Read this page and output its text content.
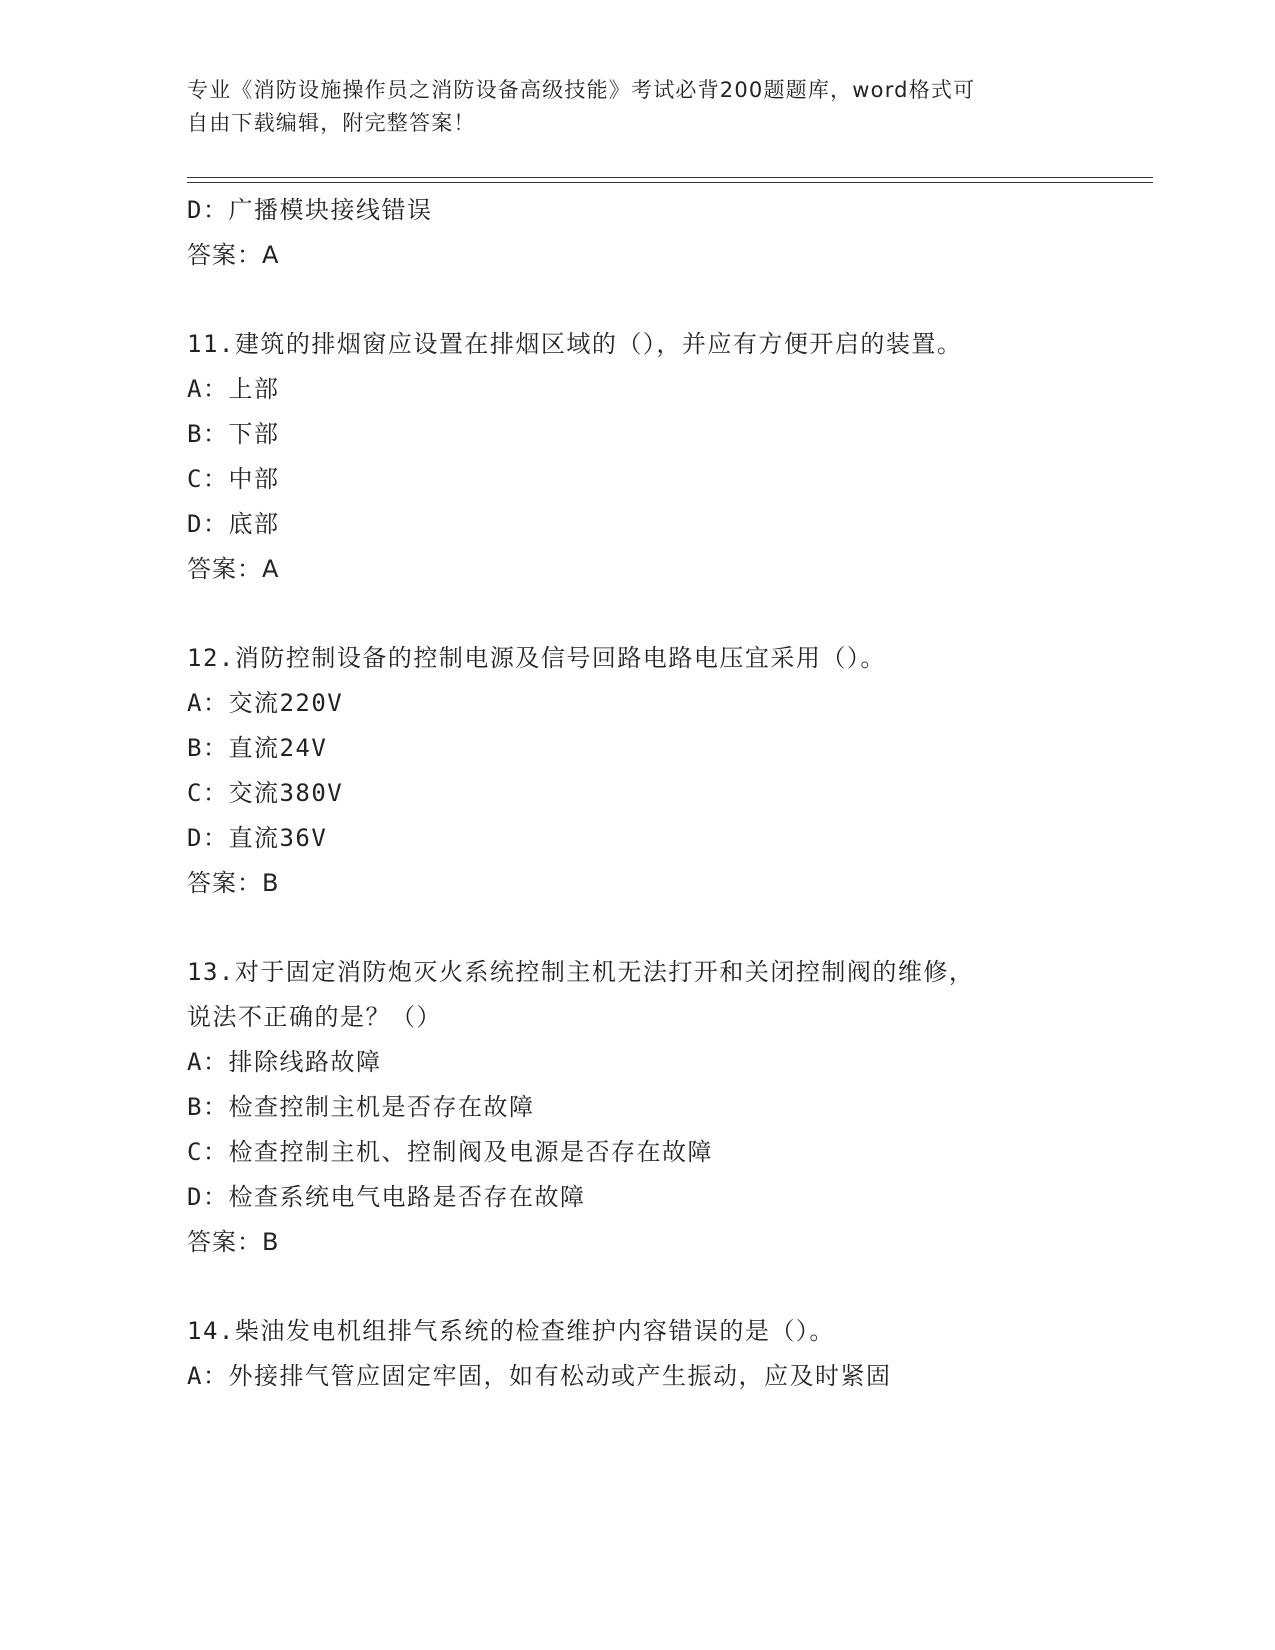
专业《消防设施操作员之消防设备高级技能》考试必背200题题库，word格式可
自由下载编辑，附完整答案！
D：广播模块接线错误
答案：A
11.建筑的排烟窗应设置在排烟区域的（），并应有方便开启的装置。
A：上部
B：下部
C：中部
D：底部
答案：A
12.消防控制设备的控制电源及信号回路电路电压宜采用（）。
A：交流220V
B：直流24V
C：交流380V
D：直流36V
答案：B
13.对于固定消防炮灭火系统控制主机无法打开和关闭控制阀的维修，
说法不正确的是？（）
A：排除线路故障
B：检查控制主机是否存在故障
C：检查控制主机、控制阀及电源是否存在故障
D：检查系统电气电路是否存在故障
答案：B
14.柴油发电机组排气系统的检查维护内容错误的是（）。
A：外接排气管应固定牢固，如有松动或产生振动，应及时紧固
